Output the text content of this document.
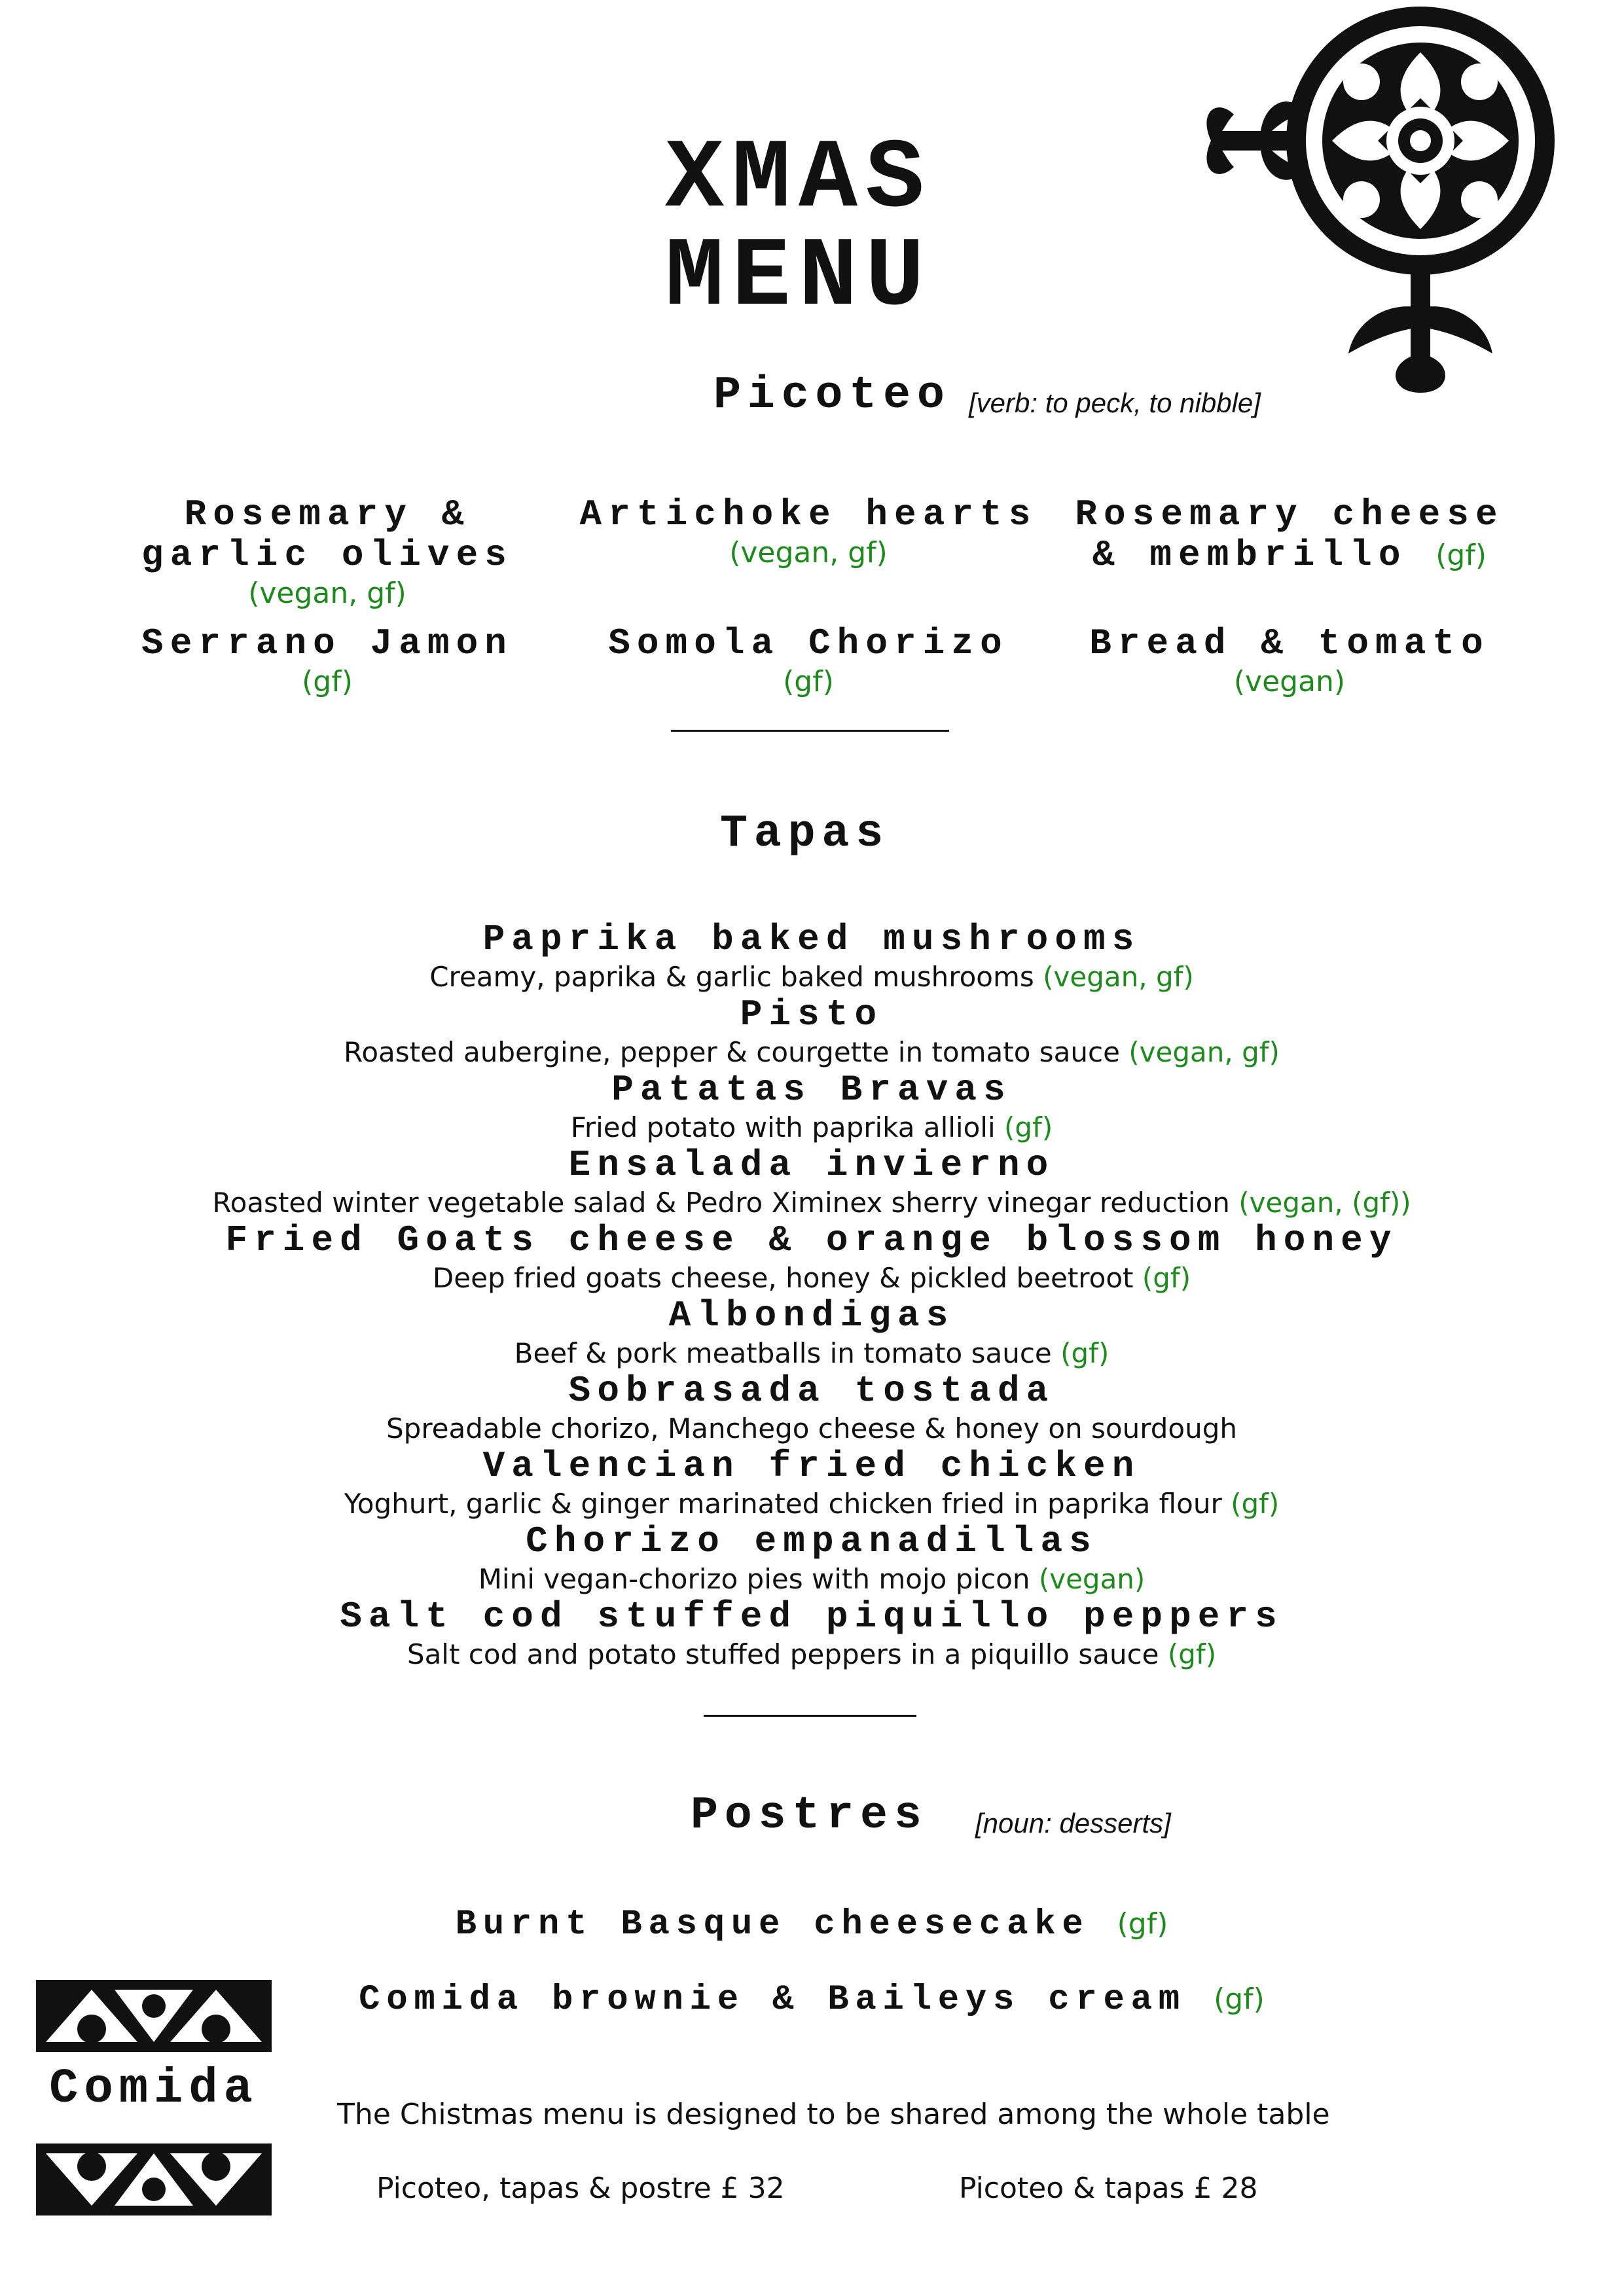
XMAS
MENU
Picoteo [verb: to peck, to nibble]
Rosemary & garlic olives
(vegan, gf)
Artichoke hearts
(vegan, gf)
Rosemary cheese & membrillo (gf)
Serrano Jamon
(gf)
Somola Chorizo
(gf)
Bread & tomato
(vegan)
Tapas
Paprika baked mushrooms
Creamy, paprika & garlic baked mushrooms (vegan, gf)
Pisto
Roasted aubergine, pepper & courgette in tomato sauce (vegan, gf)
Patatas Bravas
Fried potato with paprika allioli (gf)
Ensalada invierno
Roasted winter vegetable salad & Pedro Ximinex sherry vinegar reduction (vegan, (gf))
Fried Goats cheese & orange blossom honey
Deep fried goats cheese, honey & pickled beetroot (gf)
Albondigas
Beef & pork meatballs in tomato sauce (gf)
Sobrasada tostada
Spreadable chorizo, Manchego cheese & honey on sourdough
Valencian fried chicken
Yoghurt, garlic & ginger marinated chicken fried in paprika flour (gf)
Chorizo empanadillas
Mini vegan-chorizo pies with mojo picon (vegan)
Salt cod stuffed piquillo peppers
Salt cod and potato stuffed peppers in a piquillo sauce (gf)
Postres [noun: desserts]
Burnt Basque cheesecake (gf)
Comida brownie & Baileys cream (gf)
Comida	The Chistmas menu is designed to be shared among the whole table
Picoteo, tapas & postre £ 32	Picoteo & tapas £ 28
